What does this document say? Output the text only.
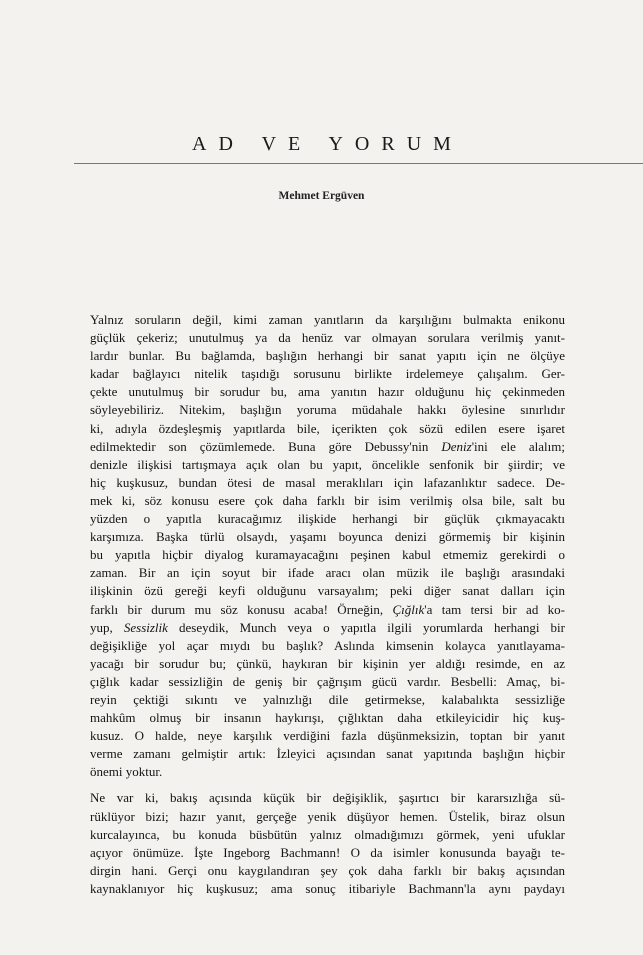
AD VE YORUM
Mehmet Ergüven

Yalnız soruların değil, kimi zaman yanıtların da karşılığını bulmakta enikonu
güçlük çekeriz; unutulmuş ya da henüz var olmayan sorulara verilmiş yanıt-
lardır bunlar. Bu bağlamda, başlığın herhangi bir sanat yapıtı için ne ölçüye
kadar bağlayıcı nitelik taşıdığı sorusunu birlikte irdelemeye çalışalım. Ger-
çekte unutulmuş bir sorudur bu, ama yanıtın hazır olduğunu hiç çekinmeden
söyleyebiliriz. Nitekim, başlığın yoruma müdahale hakkı öylesine sınırlıdır
ki, adıyla özdeşleşmiş yapıtlarda bile, içerikten çok sözü edilen esere işaret
edilmektedir son çözümlemede. Buna göre Debussy'nin Deniz'ini ele alalım;
denizle ilişkisi tartışmaya açık olan bu yapıt, öncelikle senfonik bir şiirdir; ve
hiç kuşkusuz, bundan ötesi de masal meraklıları için lafazanlıktır sadece. De-
mek ki, söz konusu esere çok daha farklı bir isim verilmiş olsa bile, salt bu
yüzden o yapıtla kuracağımız ilişkide herhangi bir güçlük çıkmayacaktı
karşımıza. Başka türlü olsaydı, yaşamı boyunca denizi görmemiş bir kişinin
bu yapıtla hiçbir diyalog kuramayacağını peşinen kabul etmemiz gerekirdi o
zaman. Bir an için soyut bir ifade aracı olan müzik ile başlığı arasındaki
ilişkinin özü gereği keyfi olduğunu varsayalım; peki diğer sanat dalları için
farklı bir durum mu söz konusu acaba! Örneğin, Çığlık'a tam tersi bir ad ko-
yup, Sessizlik deseydik, Munch veya o yapıtla ilgili yorumlarda herhangi bir
değişikliğe yol açar mıydı bu başlık? Aslında kimsenin kolayca yanıtlayama-
yacağı bir sorudur bu; çünkü, haykıran bir kişinin yer aldığı resimde, en az
çığlık kadar sessizliğin de geniş bir çağrışım gücü vardır. Besbelli: Amaç, bi-
reyin çektiği sıkıntı ve yalnızlığı dile getirmekse, kalabalıkta sessizliğe
mahkûm olmuş bir insanın haykırışı, çığlıktan daha etkileyicidir hiç kuş-
kusuz. O halde, neye karşılık verdiğini fazla düşünmeksizin, toptan bir yanıt
verme zamanı gelmiştir artık: İzleyici açısından sanat yapıtında başlığın hiçbir
önemi yoktur.

Ne var ki, bakış açısında küçük bir değişiklik, şaşırtıcı bir kararsızlığa sü-
rüklüyor bizi; hazır yanıt, gerçeğe yenik düşüyor hemen. Üstelik, biraz olsun
kurcalayınca, bu konuda büsbütün yalnız olmadığımızı görmek, yeni ufuklar
açıyor önümüze. İşte Ingeborg Bachmann! O da isimler konusunda bayağı te-
dirgin hani. Gerçi onu kaygılandıran şey çok daha farklı bir bakış açısından
kaynaklanıyor hiç kuşkusuz; ama sonuç itibariyle Bachmann'la aynı paydayı
